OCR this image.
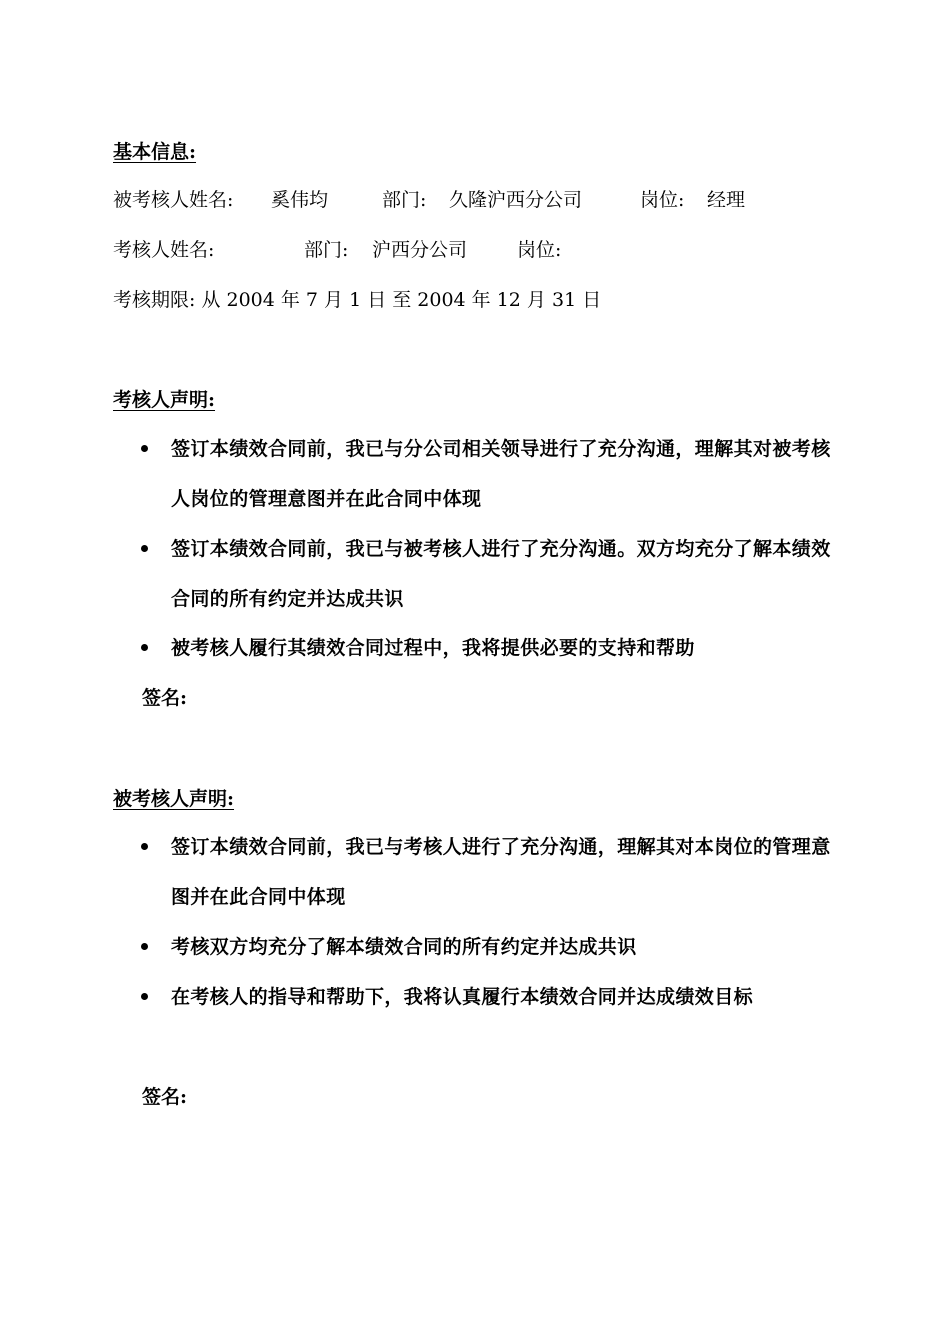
基本信息:

被考核人姓名:

奚伟均

	部门:

久隆沪西分公司

	岗位:

经理

考核人姓名:

	部门:

沪西分公司

	岗位:

考核期限: 从 2004 年 7 月 1 日 至 2004 年 12 月 31 日
考核人声明:
签订本绩效合同前，我已与分公司相关领导进行了充分沟通，理解其对被考核人岗位的管理意图并在此合同中体现
签订本绩效合同前，我已与被考核人进行了充分沟通。双方均充分了解本绩效合同的所有约定并达成共识
被考核人履行其绩效合同过程中，我将提供必要的支持和帮助
签名:
被考核人声明:
签订本绩效合同前，我已与考核人进行了充分沟通，理解其对本岗位的管理意图并在此合同中体现
考核双方均充分了解本绩效合同的所有约定并达成共识
在考核人的指导和帮助下，我将认真履行本绩效合同并达成绩效目标
签名:
